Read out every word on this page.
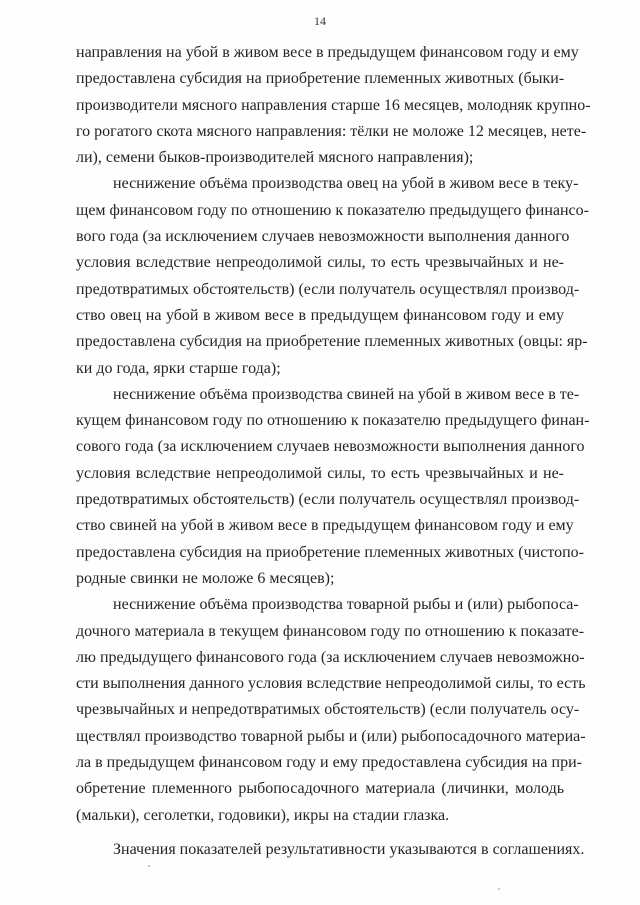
14
направления на убой в живом весе в предыдущем финансовом году и ему
предоставлена субсидия на приобретение племенных животных (быки-
производители мясного направления старше 16 месяцев, молодняк крупно-
го рогатого скота мясного направления: тёлки не моложе 12 месяцев, нете-
ли), семени быков-производителей мясного направления);
неснижение объёма производства овец на убой в живом весе в теку-
щем финансовом году по отношению к показателю предыдущего финансо-
вого года (за исключением случаев невозможности выполнения данного
условия вследствие непреодолимой силы, то есть чрезвычайных и не-
предотвратимых обстоятельств) (если получатель осуществлял производ-
ство овец на убой в живом весе в предыдущем финансовом году и ему
предоставлена субсидия на приобретение племенных животных (овцы: яр-
ки до года, ярки старше года);
неснижение объёма производства свиней на убой в живом весе в те-
кущем финансовом году по отношению к показателю предыдущего финан-
сового года (за исключением случаев невозможности выполнения данного
условия вследствие непреодолимой силы, то есть чрезвычайных и не-
предотвратимых обстоятельств) (если получатель осуществлял производ-
ство свиней на убой в живом весе в предыдущем финансовом году и ему
предоставлена субсидия на приобретение племенных животных (чистопо-
родные свинки не моложе 6 месяцев);
неснижение объёма производства товарной рыбы и (или) рыбопоса-
дочного материала в текущем финансовом году по отношению к показате-
лю предыдущего финансового года (за исключением случаев невозможно-
сти выполнения данного условия вследствие непреодолимой силы, то есть
чрезвычайных и непредотвратимых обстоятельств) (если получатель осу-
ществлял производство товарной рыбы и (или) рыбопосадочного материа-
ла в предыдущем финансовом году и ему предоставлена субсидия на при-
обретение племенного рыбопосадочного материала (личинки, молодь
(мальки), сеголетки, годовики), икры на стадии глазка.
Значения показателей результативности указываются в соглашениях.
